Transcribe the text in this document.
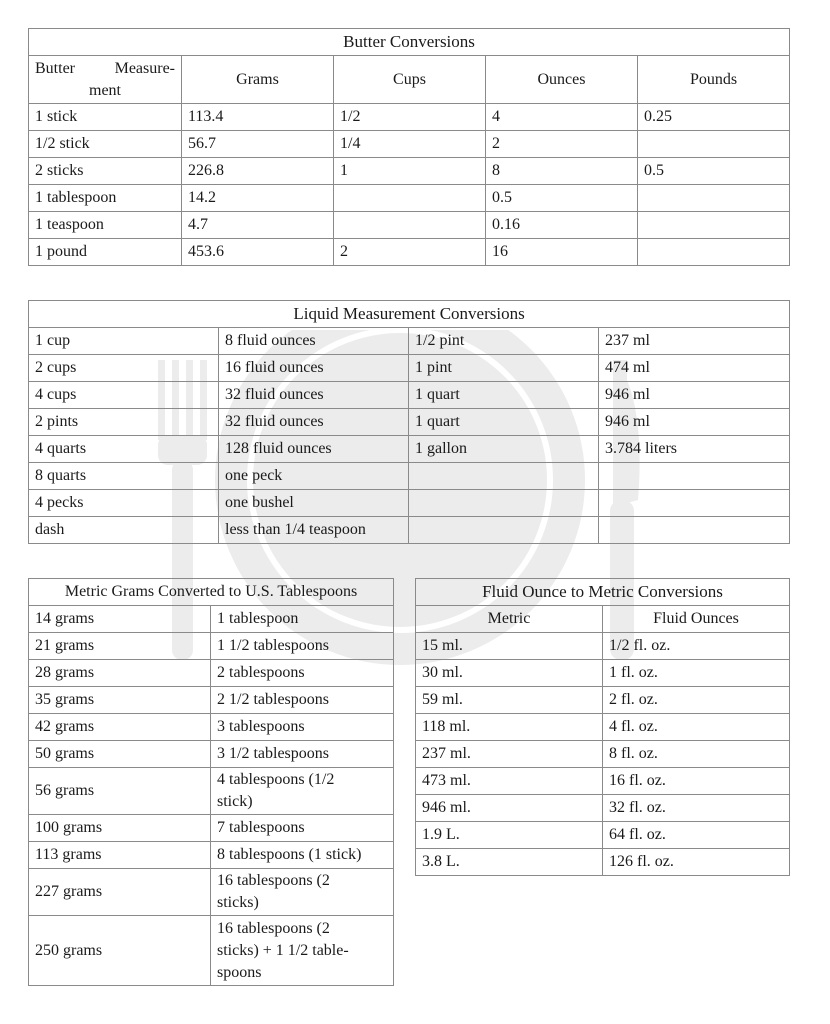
Butter Conversions				

Butter Measure-
ment	Grams	Cups	Ounces	Pounds
1 stick	113.4	1/2	4	0.25
1/2 stick	56.7	1/4	2	
2 sticks	226.8	1	8	0.5
1 tablespoon	14.2		0.5	
1 teaspoon	4.7		0.16	
1 pound	453.6	2	16	
Liquid Measurement Conversions			
1 cup	8 fluid ounces	1/2 pint	237 ml
2 cups	16 fluid ounces	1 pint	474 ml
4 cups	32 fluid ounces	1 quart	946 ml
2 pints	32 fluid ounces	1 quart	946 ml
4 quarts	128 fluid ounces	1 gallon	3.784 liters
8 quarts	one peck		
4 pecks	one bushel		
dash	less than 1/4 teaspoon		
Metric Grams Converted to U.S. Tablespoons	
14 grams	1 tablespoon
21 grams	1 1/2 tablespoons
28 grams	2 tablespoons
35 grams	2 1/2 tablespoons
42 grams	3 tablespoons
50 grams	3 1/2 tablespoons
56 grams	4 tablespoons (1/2
stick)

100 grams	7 tablespoons
113 grams	8 tablespoons (1 stick)
227 grams	16 tablespoons (2
sticks)

250 grams	16 tablespoons (2
sticks) + 1 1/2 table-
spoons
Fluid Ounce to Metric Conversions	
Metric	Fluid Ounces
15 ml.	1/2 fl. oz.
30 ml.	1 fl. oz.
59 ml.	2 fl. oz.
118 ml.	4 fl. oz.
237 ml.	8 fl. oz.
473 ml.	16 fl. oz.
946 ml.	32 fl. oz.
1.9 L.	64 fl. oz.
3.8 L.	126 fl. oz.
